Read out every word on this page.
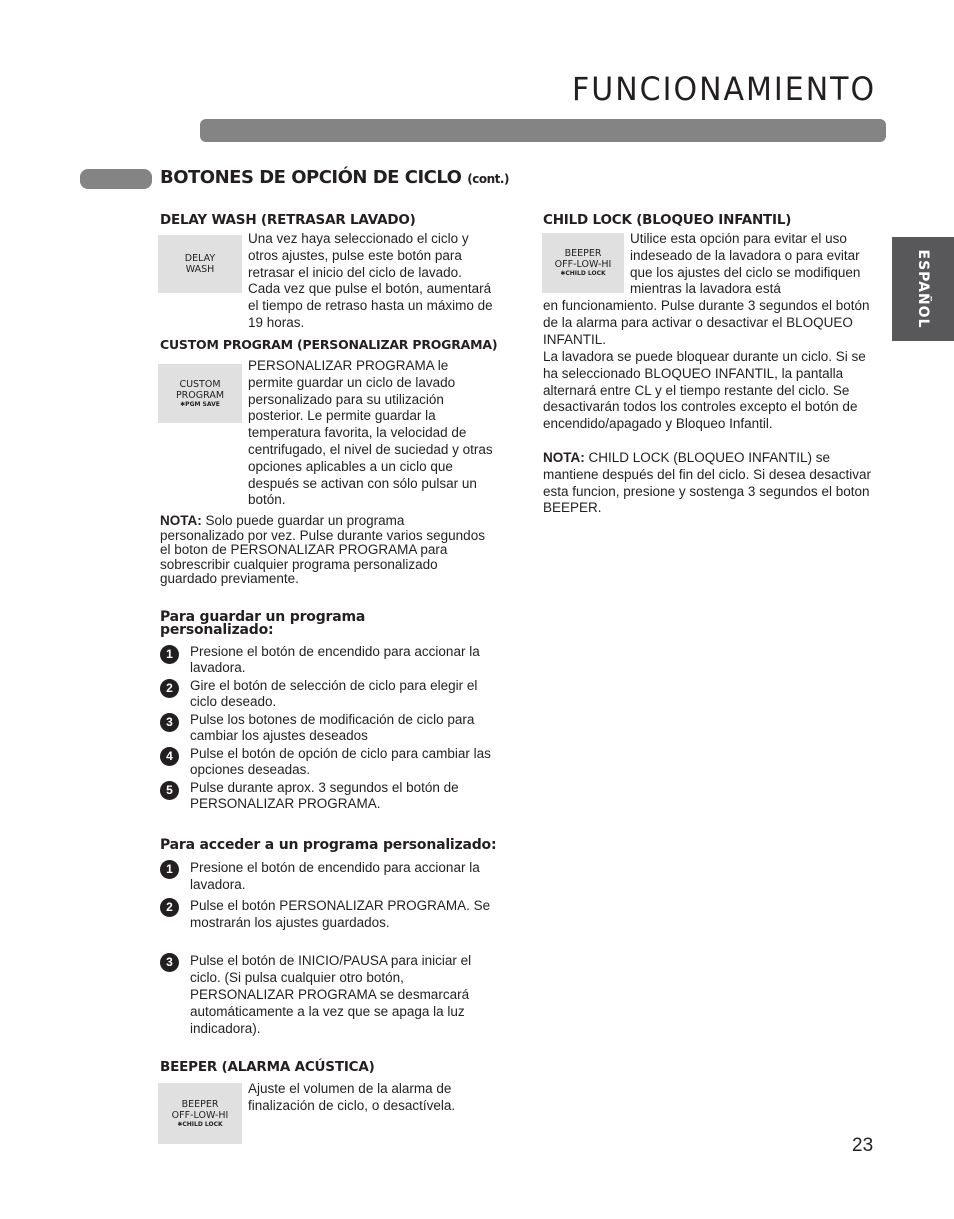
FUNCIONAMIENTO
BOTONES DE OPCIÓN DE CICLO (cont.)
ESPAÑOL
DELAY WASH (RETRASAR LAVADO)
DELAY
WASH
Una vez haya seleccionado el ciclo y otros ajustes, pulse este botón para retrasar el inicio del ciclo de lavado. Cada vez que pulse el botón, aumentará el tiempo de retraso hasta un máximo de 19 horas.
CUSTOM PROGRAM (PERSONALIZAR PROGRAMA)
CUSTOM
PROGRAM
✱PGM SAVE
PERSONALIZAR PROGRAMA le permite guardar un ciclo de lavado personalizado para su utilización posterior. Le permite guardar la temperatura favorita, la velocidad de centrifugado, el nivel de suciedad y otras opciones aplicables a un ciclo que después se activan con sólo pulsar un botón.
NOTA: Solo puede guardar un programa personalizado por vez. Pulse durante varios segundos el boton de PERSONALIZAR PROGRAMA para sobrescribir cualquier programa personalizado guardado previamente.
Para guardar un programa personalizado:
1	Presione el botón de encendido para accionar la lavadora.
2	Gire el botón de selección de ciclo para elegir el ciclo deseado.
3	Pulse los botones de modificación de ciclo para cambiar los ajustes deseados
4	Pulse el botón de opción de ciclo para cambiar las opciones deseadas.
5	Pulse durante aprox. 3 segundos el botón de PERSONALIZAR PROGRAMA.
Para acceder a un programa personalizado:
1	Presione el botón de encendido para accionar la lavadora.
2	Pulse el botón PERSONALIZAR PROGRAMA. Se mostrarán los ajustes guardados.
3	Pulse el botón de INICIO/PAUSA para iniciar el ciclo. (Si pulsa cualquier otro botón, PERSONALIZAR PROGRAMA se desmarcará automáticamente a la vez que se apaga la luz indicadora).
BEEPER (ALARMA ACÚSTICA)
BEEPER
OFF-LOW-HI
✱CHILD LOCK
Ajuste el volumen de la alarma de finalización de ciclo, o desactívela.
CHILD LOCK (BLOQUEO INFANTIL)
BEEPER
OFF-LOW-HI
✱CHILD LOCK
Utilice esta opción para evitar el uso indeseado de la lavadora o para evitar que los ajustes del ciclo se modifiquen mientras la lavadora está
en funcionamiento. Pulse durante 3 segundos el botón de la alarma para activar o desactivar el BLOQUEO INFANTIL.
La lavadora se puede bloquear durante un ciclo. Si se ha seleccionado BLOQUEO INFANTIL, la pantalla alternará entre CL y el tiempo restante del ciclo. Se desactivarán todos los controles excepto el botón de encendido/apagado y Bloqueo Infantil.
NOTA: CHILD LOCK (BLOQUEO INFANTIL) se mantiene después del fin del ciclo. Si desea desactivar esta funcion, presione y sostenga 3 segundos el boton BEEPER.
23
